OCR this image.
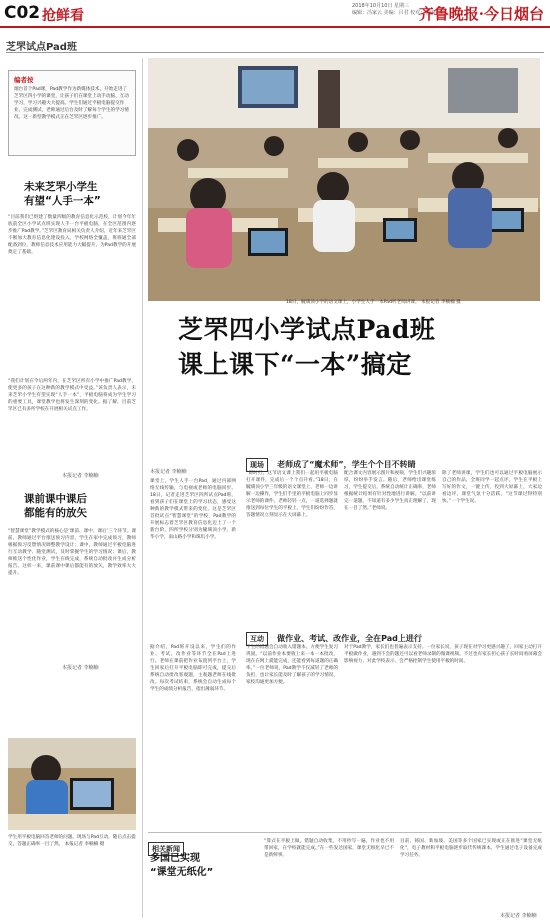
C02 抢鲜看
2018年10月10日 星期三
编辑：冯家云 美编：吕君 校对：曹丽
齐鲁晚报·今日烟台
芝罘试点Pad班
编者按
烟台首个Pad课，Pad教学作为新媒体技术，开始走进了芝罘区四小学的课堂，让孩子们在课堂上动手动脑、互动学习，学习兴趣大大提高。学生们通过平板电脑提交作业、完成测试，老师通过后台及时了解每个学生的学习情况。这一新型教学模式正在芝罘区逐步推广。
未来芝罘小学生
有望“人手一本”
“目前我们已组建了数量四级的教育信息化示范校，计划今年年底前全区小学试点班实现人手一台平板电脑，在全区范围内逐步推广Pad教学。”芝罘区教育局相关负责人介绍，近年来芝罘区不断加大教育信息化建设投入，学校网络全覆盖，班班通全部配备到位，教师信息技术应用能力大幅提升，为Pad教学的开展奠定了基础。
“我们计划在今后两年内，在芝罘区所有小学中推广Pad教学，使更多的孩子在这种新的教学模式中受益。”该负责人表示，未来芝罘小学生有望实现“人手一本”，平板电脑将成为学生学习的重要工具，课堂教学也将发生深刻的变化。据了解，目前芝罘区已有多所学校在开展相关试点工作。
本报记者 李楠楠
课前课中课后
都能有的放矢
“智慧课堂”教学模式的核心是‘课前、课中、课后’三个环节。课前，教师通过平台推送预习内容，学生在家中完成预习，教师根据预习反馈情况调整教学设计；课中，教师通过平板电脑进行互动教学、随堂测试，及时掌握学生的学习情况；课后，教师推送个性化作业，学生在线完成，系统自动批改并生成分析报告。这样一来，课前课中课后都能有的放矢，教学效率大大提升。
本报记者 李楠楠
18日，毓璜顶小学的语文课上，小学生人手一本Pad听老师讲课。 本报记者 李楠楠 摄
芝罘四小学试点Pad班
课上课下“一本”搞定
本报记者 李楠楠
课堂上，学生人手一台Pad，通过内部网络无线传输，与电视或老师的电脑同步。18日，记者走进芝罘区四所试点Pad班，看到孩子们在课堂上的学习状态，感受这种新的教学模式带来的变化。这是芝罘区首批试点“智慧课堂”的学校，Pad教学的开展标志着芝罘区教育信息化迈上了一个新台阶，四所学校分别为毓璜顶小学、新华小学、南山路小学和珠玑小学。
现场 老师成了“魔术师”，学生个个目不转睛
“即时打，这节语文课上我们一起用平板电脑打开课件，完成后一个个点开看。”18日，在毓璜顶小学三年级的语文课堂上，老师一边讲解一边操作，学生们手里的平板电脑上同步显示老师的课件。老师轻轻一点，一道选择题就推送到每位学生的平板上，学生们纷纷作答，答题情况立刻显示在大屏幕上。
配合课文内容展示图片和视频，学生们兴趣浓厚，纷纷举手发言。随后，老师给出课堂练习，学生提交后，系统自动统计正确率，老师根据统计结果有针对性地进行讲解。“以前讲完一道题，不知道有多少学生真正理解了，现在一目了然。”老师说。
除了老师讲课，学生们也可以通过平板电脑展示自己的作品，全班同学一起点评。学生在平板上写好的作文，一键上传，投到大屏幕上，大家边看边评，课堂气氛十分活跃。“这节课过得特别快。”一个学生说。
互动 做作业、考试、改作业，全在Pad上进行
据介绍，Pad班开设以来，学生们的作业、考试、改作业等环节全在Pad上进行。老师在课前把作业布置到平台上，学生回家后打开平板电脑即可完成，提交后系统自动批改客观题，主观题老师在线批改。每次考试结束，系统会自动生成每个学生的成绩分析报告，指出薄弱环节。
学生的错题会自动收入错题本，方便学生复习巩固。“以前作业本要收上来一本一本批改，现在在网上就能完成，还能看到每道题的正确率。”一位老师说，Pad教学不仅减轻了老师的负担，也让家长能及时了解孩子的学习情况，家校沟通更加方便。
对于Pad教学，家长们也普遍表示支持。一位家长说，孩子现在对学习更感兴趣了，回家主动打开平板做作业，遇到不会的题还可以看老师录制的微课视频。不过也有家长担心孩子长时间看屏幕会影响视力，对此学校表示，会严格控制学生使用平板的时间。
学生用平板电脑回答老师的问题。现场与Pad互动，随后点击提交，答题正确率一目了然。 本报记者 李楠楠 摄
相关新闻
多国已实现
“课堂无纸化”
“算式在平板上做，错题自动收集，不用抄写一遍，作业也不用带回家，在学校就能完成。”在一些发达国家，课堂无纸化早已不是新鲜事。
目前，韩国、新加坡、美国等多个国家已实现或正在推进“课堂无纸化”，电子教材和平板电脑逐步取代传统课本，学生通过电子设备完成学习任务。
本报记者 李楠楠
